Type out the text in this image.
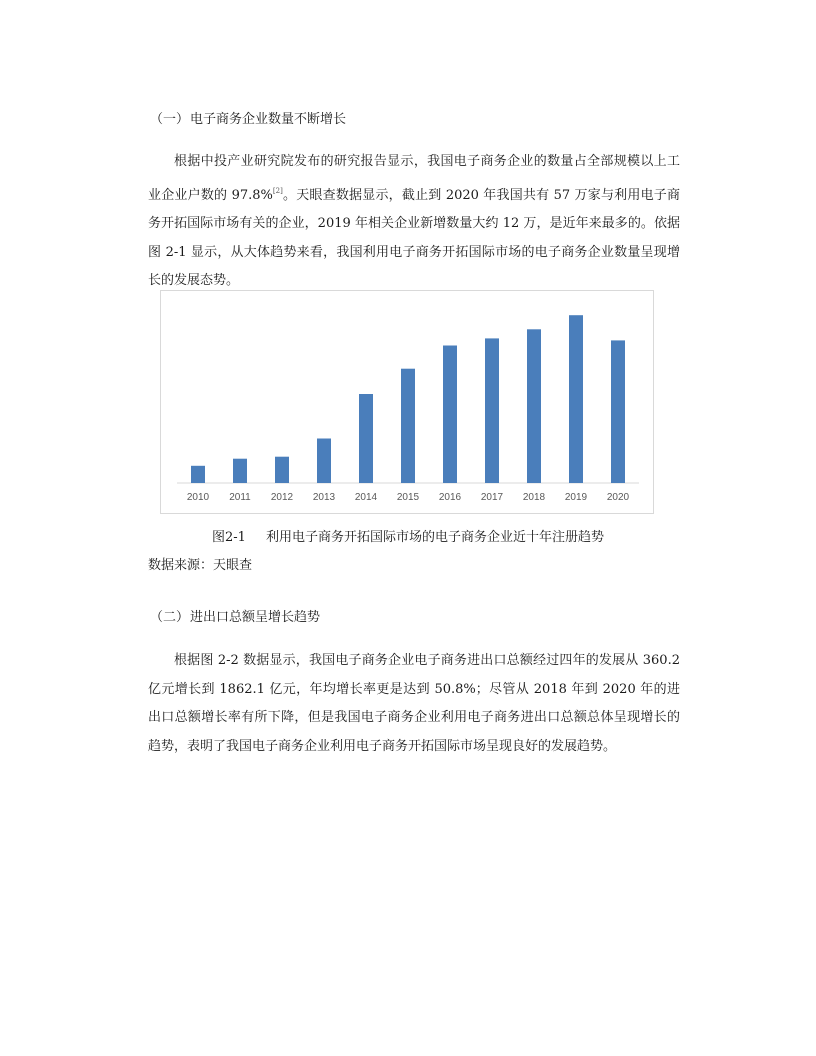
（一）电子商务企业数量不断增长

根据中投产业研究院发布的研究报告显示，我国电子商务企业的数量占全部规模以上工业企业户数的 97.8%[2]。天眼查数据显示，截止到 2020 年我国共有 57 万家与利用电子商务开拓国际市场有关的企业，2019 年相关企业新增数量大约 12 万，是近年来最多的。依据图 2-1 显示，从大体趋势来看，我国利用电子商务开拓国际市场的电子商务企业数量呈现增长的发展态势。

2010 2011 2012 2013 2014 2015 2016 2017 2018 2019 2020
图2-1 利用电子商务开拓国际市场的电子商务企业近十年注册趋势
数据来源：天眼查
（二）进出口总额呈增长趋势

根据图 2-2 数据显示，我国电子商务企业电子商务进出口总额经过四年的发展从 360.2 亿元增长到 1862.1 亿元，年均增长率更是达到 50.8%；尽管从 2018 年到 2020 年的进出口总额增长率有所下降，但是我国电子商务企业利用电子商务进出口总额总体呈现增长的趋势，表明了我国电子商务企业利用电子商务开拓国际市场呈现良好的发展趋势。
